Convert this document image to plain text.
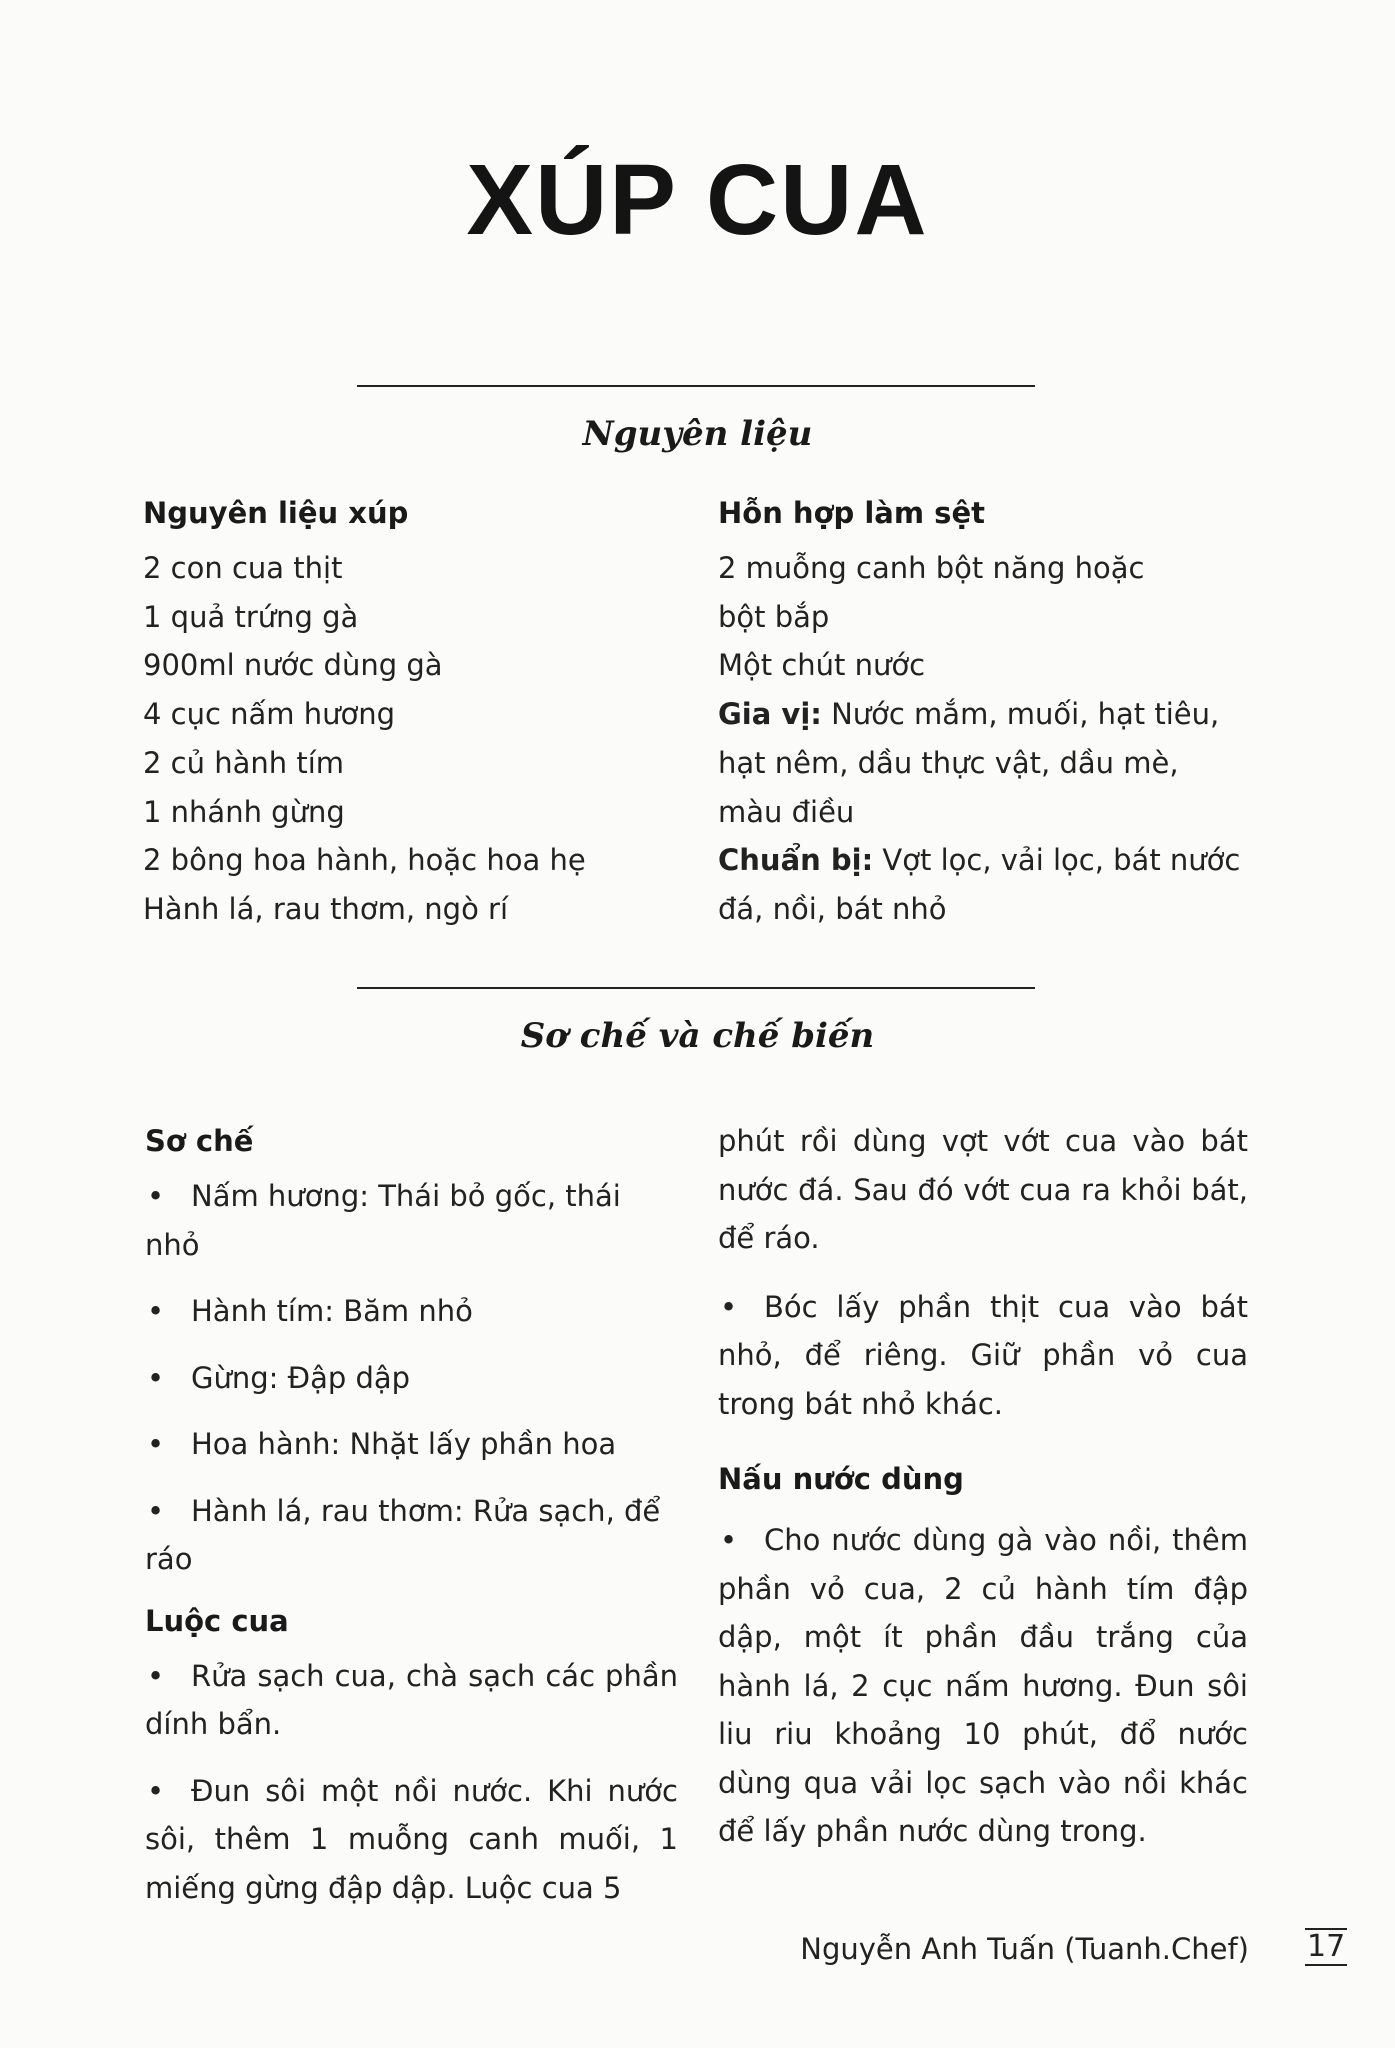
XÚP CUA
Nguyên liệu
Nguyên liệu xúp

2 con cua thịt

1 quả trứng gà

900ml nước dùng gà

4 cục nấm hương

2 củ hành tím

1 nhánh gừng

2 bông hoa hành, hoặc hoa hẹ

Hành lá, rau thơm, ngò rí

Hỗn hợp làm sệt

2 muỗng canh bột năng hoặc

bột bắp

Một chút nước

Gia vị: Nước mắm, muối, hạt tiêu,

hạt nêm, dầu thực vật, dầu mè,

màu điều

Chuẩn bị: Vợt lọc, vải lọc, bát nước

đá, nồi, bát nhỏ

Sơ chế và chế biến
Sơ chế

• Nấm hương: Thái bỏ gốc, thái nhỏ

• Hành tím: Băm nhỏ

• Gừng: Đập dập

• Hoa hành: Nhặt lấy phần hoa

• Hành lá, rau thơm: Rửa sạch, để ráo

Luộc cua

• Rửa sạch cua, chà sạch các phần dính bẩn.

• Đun sôi một nồi nước. Khi nước sôi, thêm 1 muỗng canh muối, 1 miếng gừng đập dập. Luộc cua 5

phút rồi dùng vợt vớt cua vào bát nước đá. Sau đó vớt cua ra khỏi bát, để ráo.

• Bóc lấy phần thịt cua vào bát nhỏ, để riêng. Giữ phần vỏ cua trong bát nhỏ khác.

Nấu nước dùng

• Cho nước dùng gà vào nồi, thêm phần vỏ cua, 2 củ hành tím đập dập, một ít phần đầu trắng của hành lá, 2 cục nấm hương. Đun sôi liu riu khoảng 10 phút, đổ nước dùng qua vải lọc sạch vào nồi khác để lấy phần nước dùng trong.

Nguyễn Anh Tuấn (Tuanh.Chef) 17
